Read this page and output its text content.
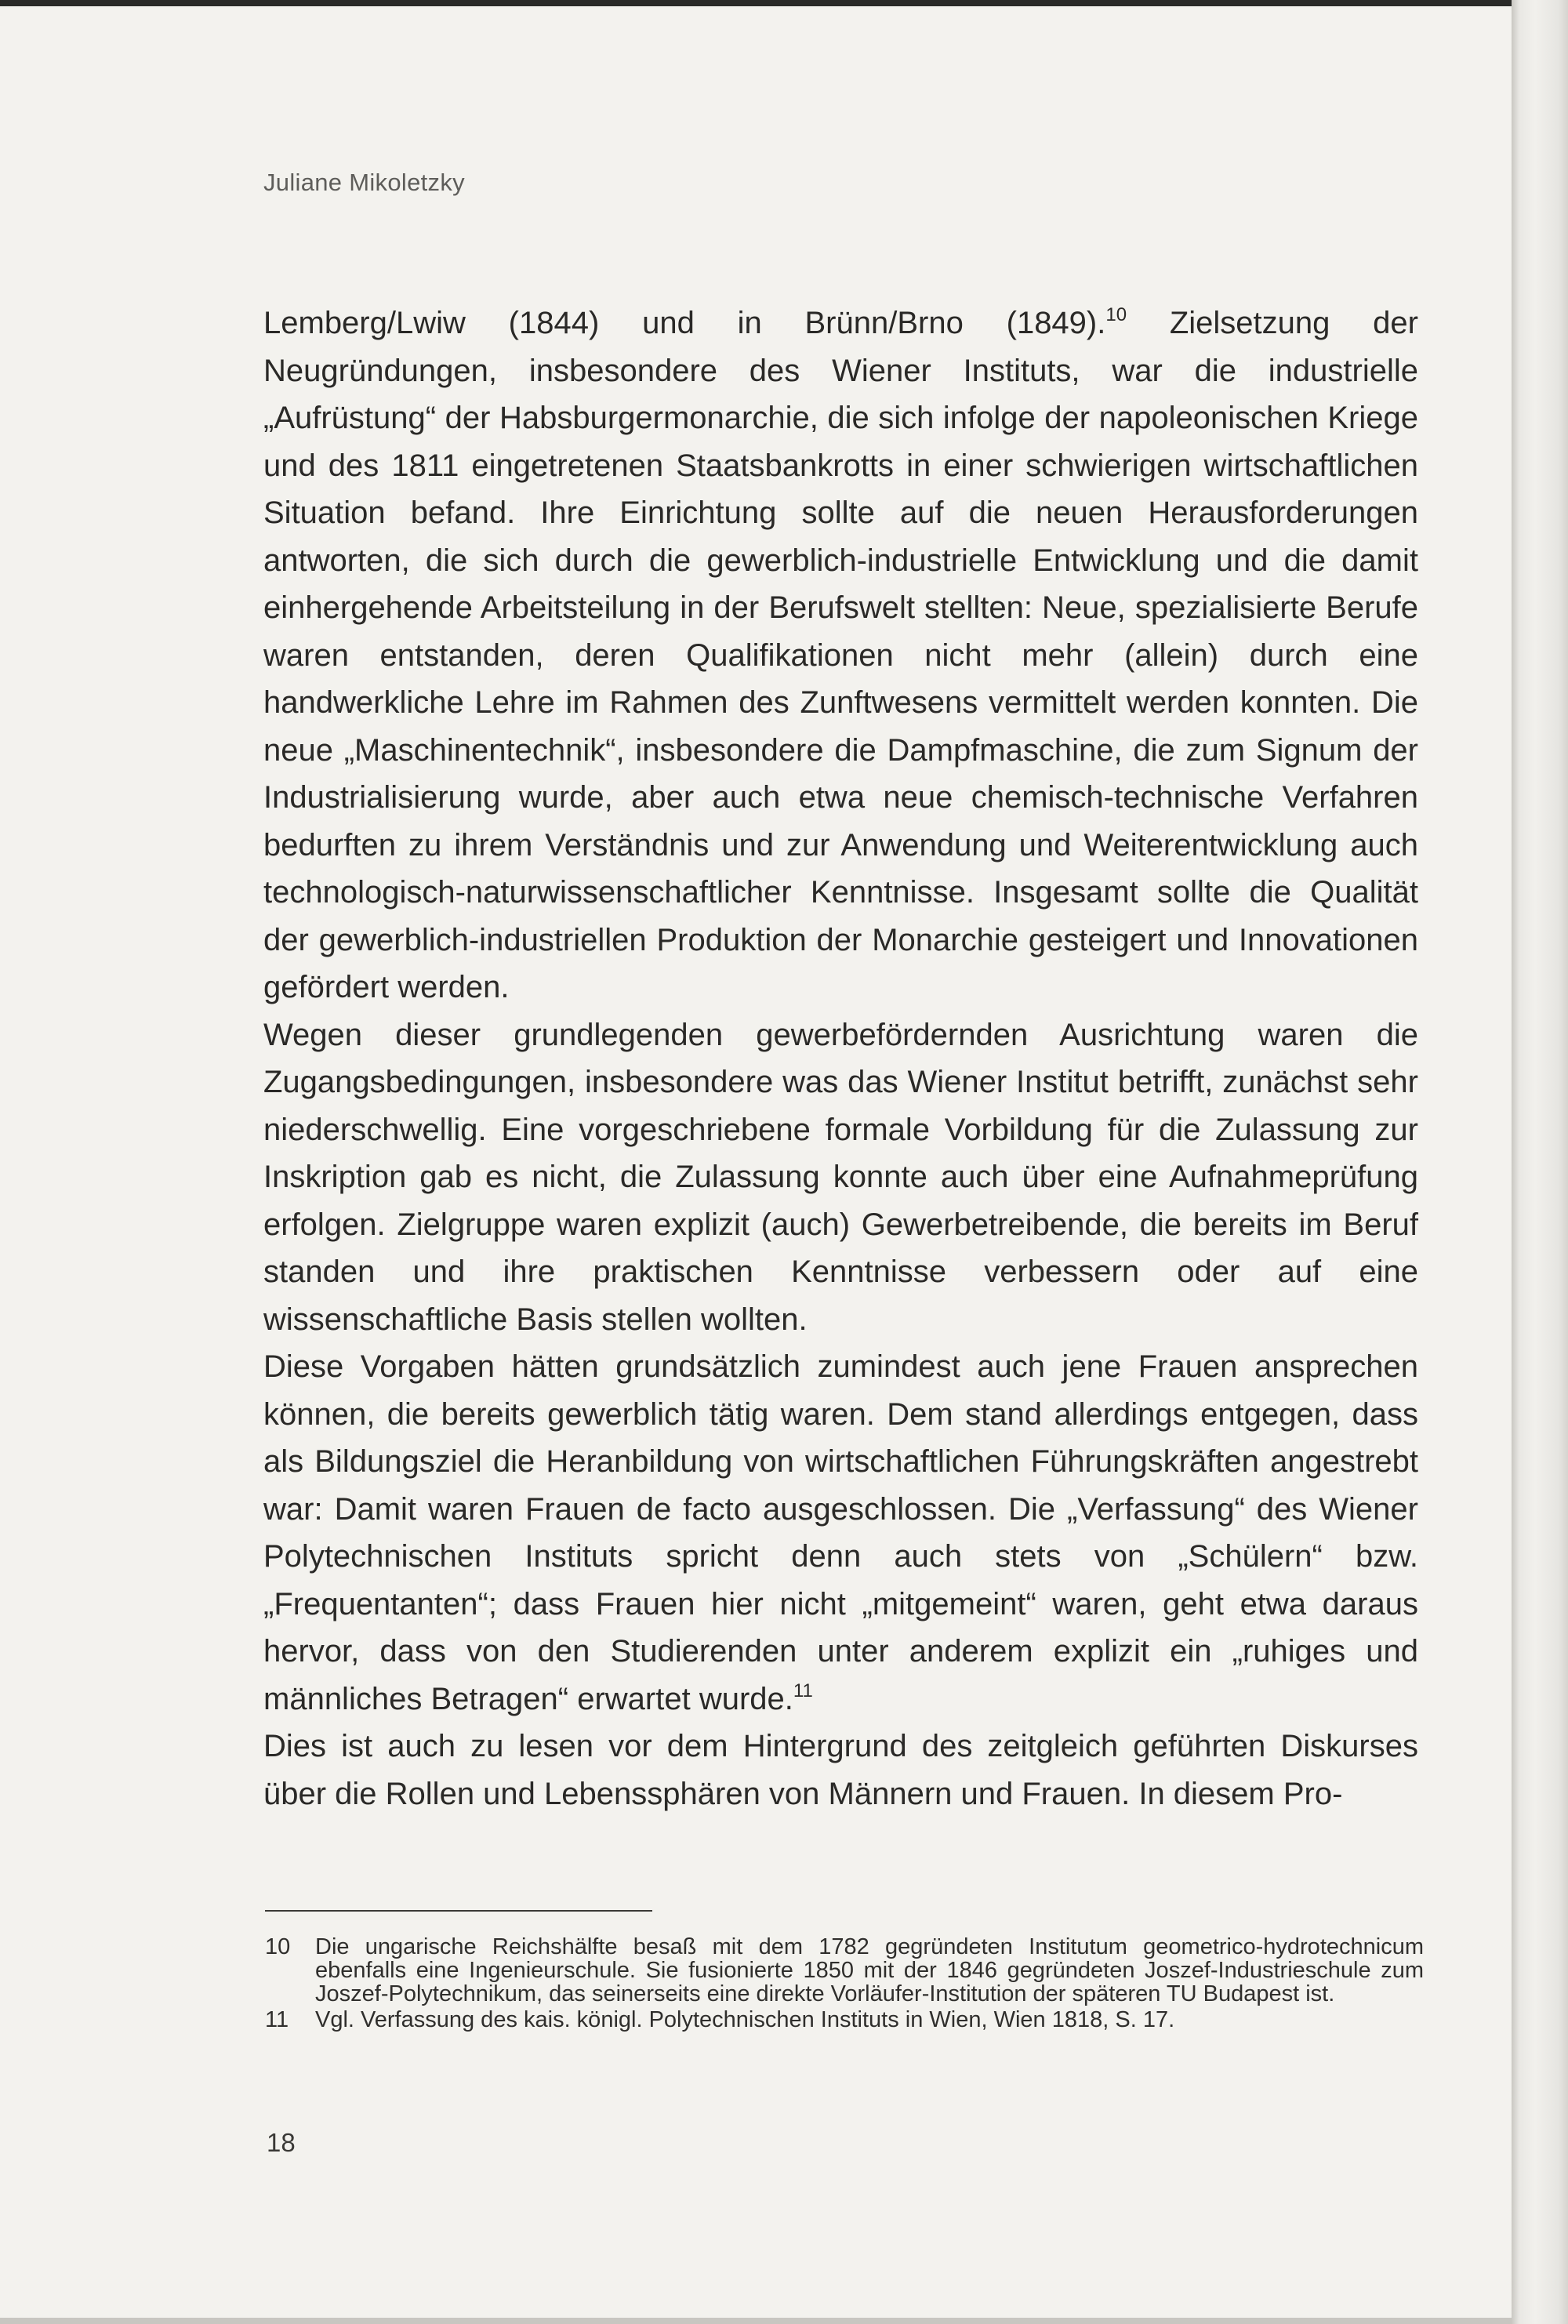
Juliane Mikoletzky

Lemberg/Lwiw (1844) und in Brünn/Brno (1849).$^{10}$ Zielsetzung der Neugründungen, insbesondere des Wiener Instituts, war die industrielle „Aufrüstung“ der Habsburgermonarchie, die sich infolge der napoleonischen Kriege und des 1811 eingetretenen Staatsbankrotts in einer schwierigen wirtschaftlichen Situation befand. Ihre Einrichtung sollte auf die neuen Herausforderungen antworten, die sich durch die gewerblich-industrielle Entwicklung und die damit einhergehende Arbeitsteilung in der Berufswelt stellten: Neue, spezialisierte Berufe waren entstanden, deren Qualifikationen nicht mehr (allein) durch eine handwerkliche Lehre im Rahmen des Zunftwesens vermittelt werden konnten. Die neue „Maschinentechnik“, insbesondere die Dampfmaschine, die zum Signum der Industrialisierung wurde, aber auch etwa neue chemisch-technische Verfahren bedurften zu ihrem Verständnis und zur Anwendung und Weiterentwicklung auch technologisch-naturwissenschaftlicher Kenntnisse. Insgesamt sollte die Qualität der gewerblich-industriellen Produktion der Monarchie gesteigert und Innovationen gefördert werden.

Wegen dieser grundlegenden gewerbefördernden Ausrichtung waren die Zugangsbedingungen, insbesondere was das Wiener Institut betrifft, zunächst sehr niederschwellig. Eine vorgeschriebene formale Vorbildung für die Zulassung zur Inskription gab es nicht, die Zulassung konnte auch über eine Aufnahmeprüfung erfolgen. Zielgruppe waren explizit (auch) Gewerbetreibende, die bereits im Beruf standen und ihre praktischen Kenntnisse verbessern oder auf eine wissenschaftliche Basis stellen wollten.

Diese Vorgaben hätten grundsätzlich zumindest auch jene Frauen ansprechen können, die bereits gewerblich tätig waren. Dem stand allerdings entgegen, dass als Bildungsziel die Heranbildung von wirtschaftlichen Führungskräften angestrebt war: Damit waren Frauen de facto ausgeschlossen. Die „Verfassung“ des Wiener Polytechnischen Instituts spricht denn auch stets von „Schülern“ bzw. „Frequentanten“; dass Frauen hier nicht „mitgemeint“ waren, geht etwa daraus hervor, dass von den Studierenden unter anderem explizit ein „ruhiges und männliches Betragen“ erwartet wurde.$^{11}$

Dies ist auch zu lesen vor dem Hintergrund des zeitgleich geführten Diskurses über die Rollen und Lebenssphären von Männern und Frauen. In diesem Pro-

10	Die ungarische Reichshälfte besaß mit dem 1782 gegründeten Institutum geometrico-hydrotechnicum ebenfalls eine Ingenieurschule. Sie fusionierte 1850 mit der 1846 gegründeten Joszef-Industrieschule zum Joszef-Polytechnikum, das seinerseits eine direkte Vorläufer-Institution der späteren TU Budapest ist.
11	Vgl. Verfassung des kais. königl. Polytechnischen Instituts in Wien, Wien 1818, S. 17.
18
